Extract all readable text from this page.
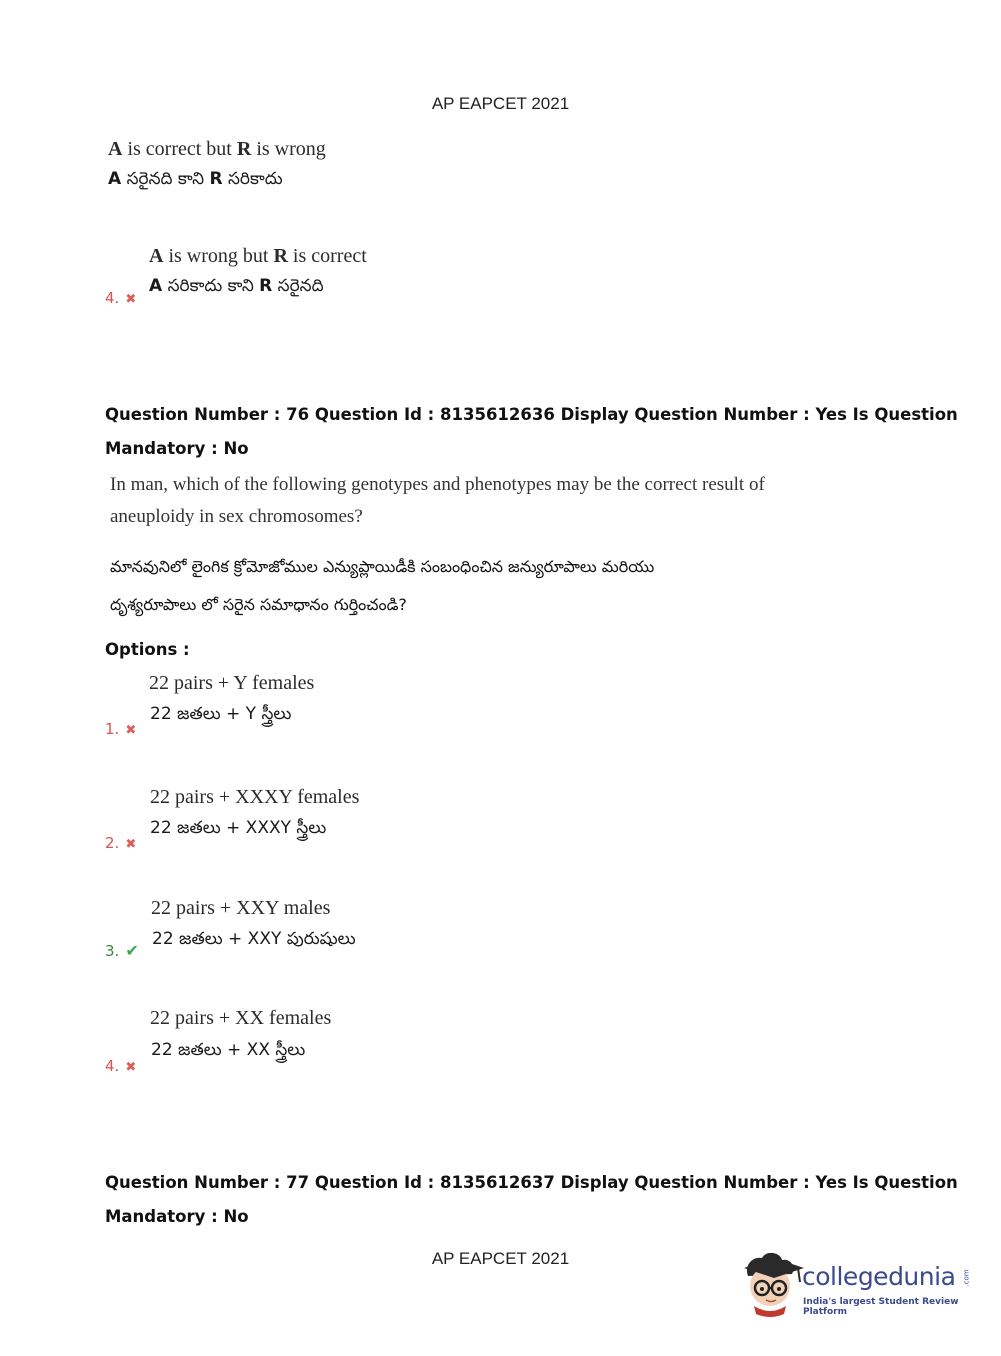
AP EAPCET 2021
A is correct but R is wrong
A సరైనది కాని R సరికాదు
A is wrong but R is correct
A సరికాదు కాని R సరైనది
4. ✖
Question Number : 76 Question Id : 8135612636 Display Question Number : Yes Is Question
Mandatory : No
In man, which of the following genotypes and phenotypes may be the correct result of
aneuploidy in sex chromosomes?
మానవునిలో లైంగిక క్రోమోజోముల ఎన్యుప్లాయిడీకి సంబంధించిన జన్యురూపాలు మరియు
దృశ్యరూపాలు లో సరైన సమాధానం గుర్తించండి?
Options :
22 pairs + Y females
22 జతలు + Y స్త్రీలు
1. ✖
22 pairs + XXXY females
22 జతలు + XXXY స్త్రీలు
2. ✖
22 pairs + XXY males
22 జతలు + XXY పురుషులు
3. ✔
22 pairs + XX females
22 జతలు + XX స్త్రీలు
4. ✖
Question Number : 77 Question Id : 8135612637 Display Question Number : Yes Is Question
Mandatory : No
AP EAPCET 2021
collegedunia .com
India's largest Student Review Platform
